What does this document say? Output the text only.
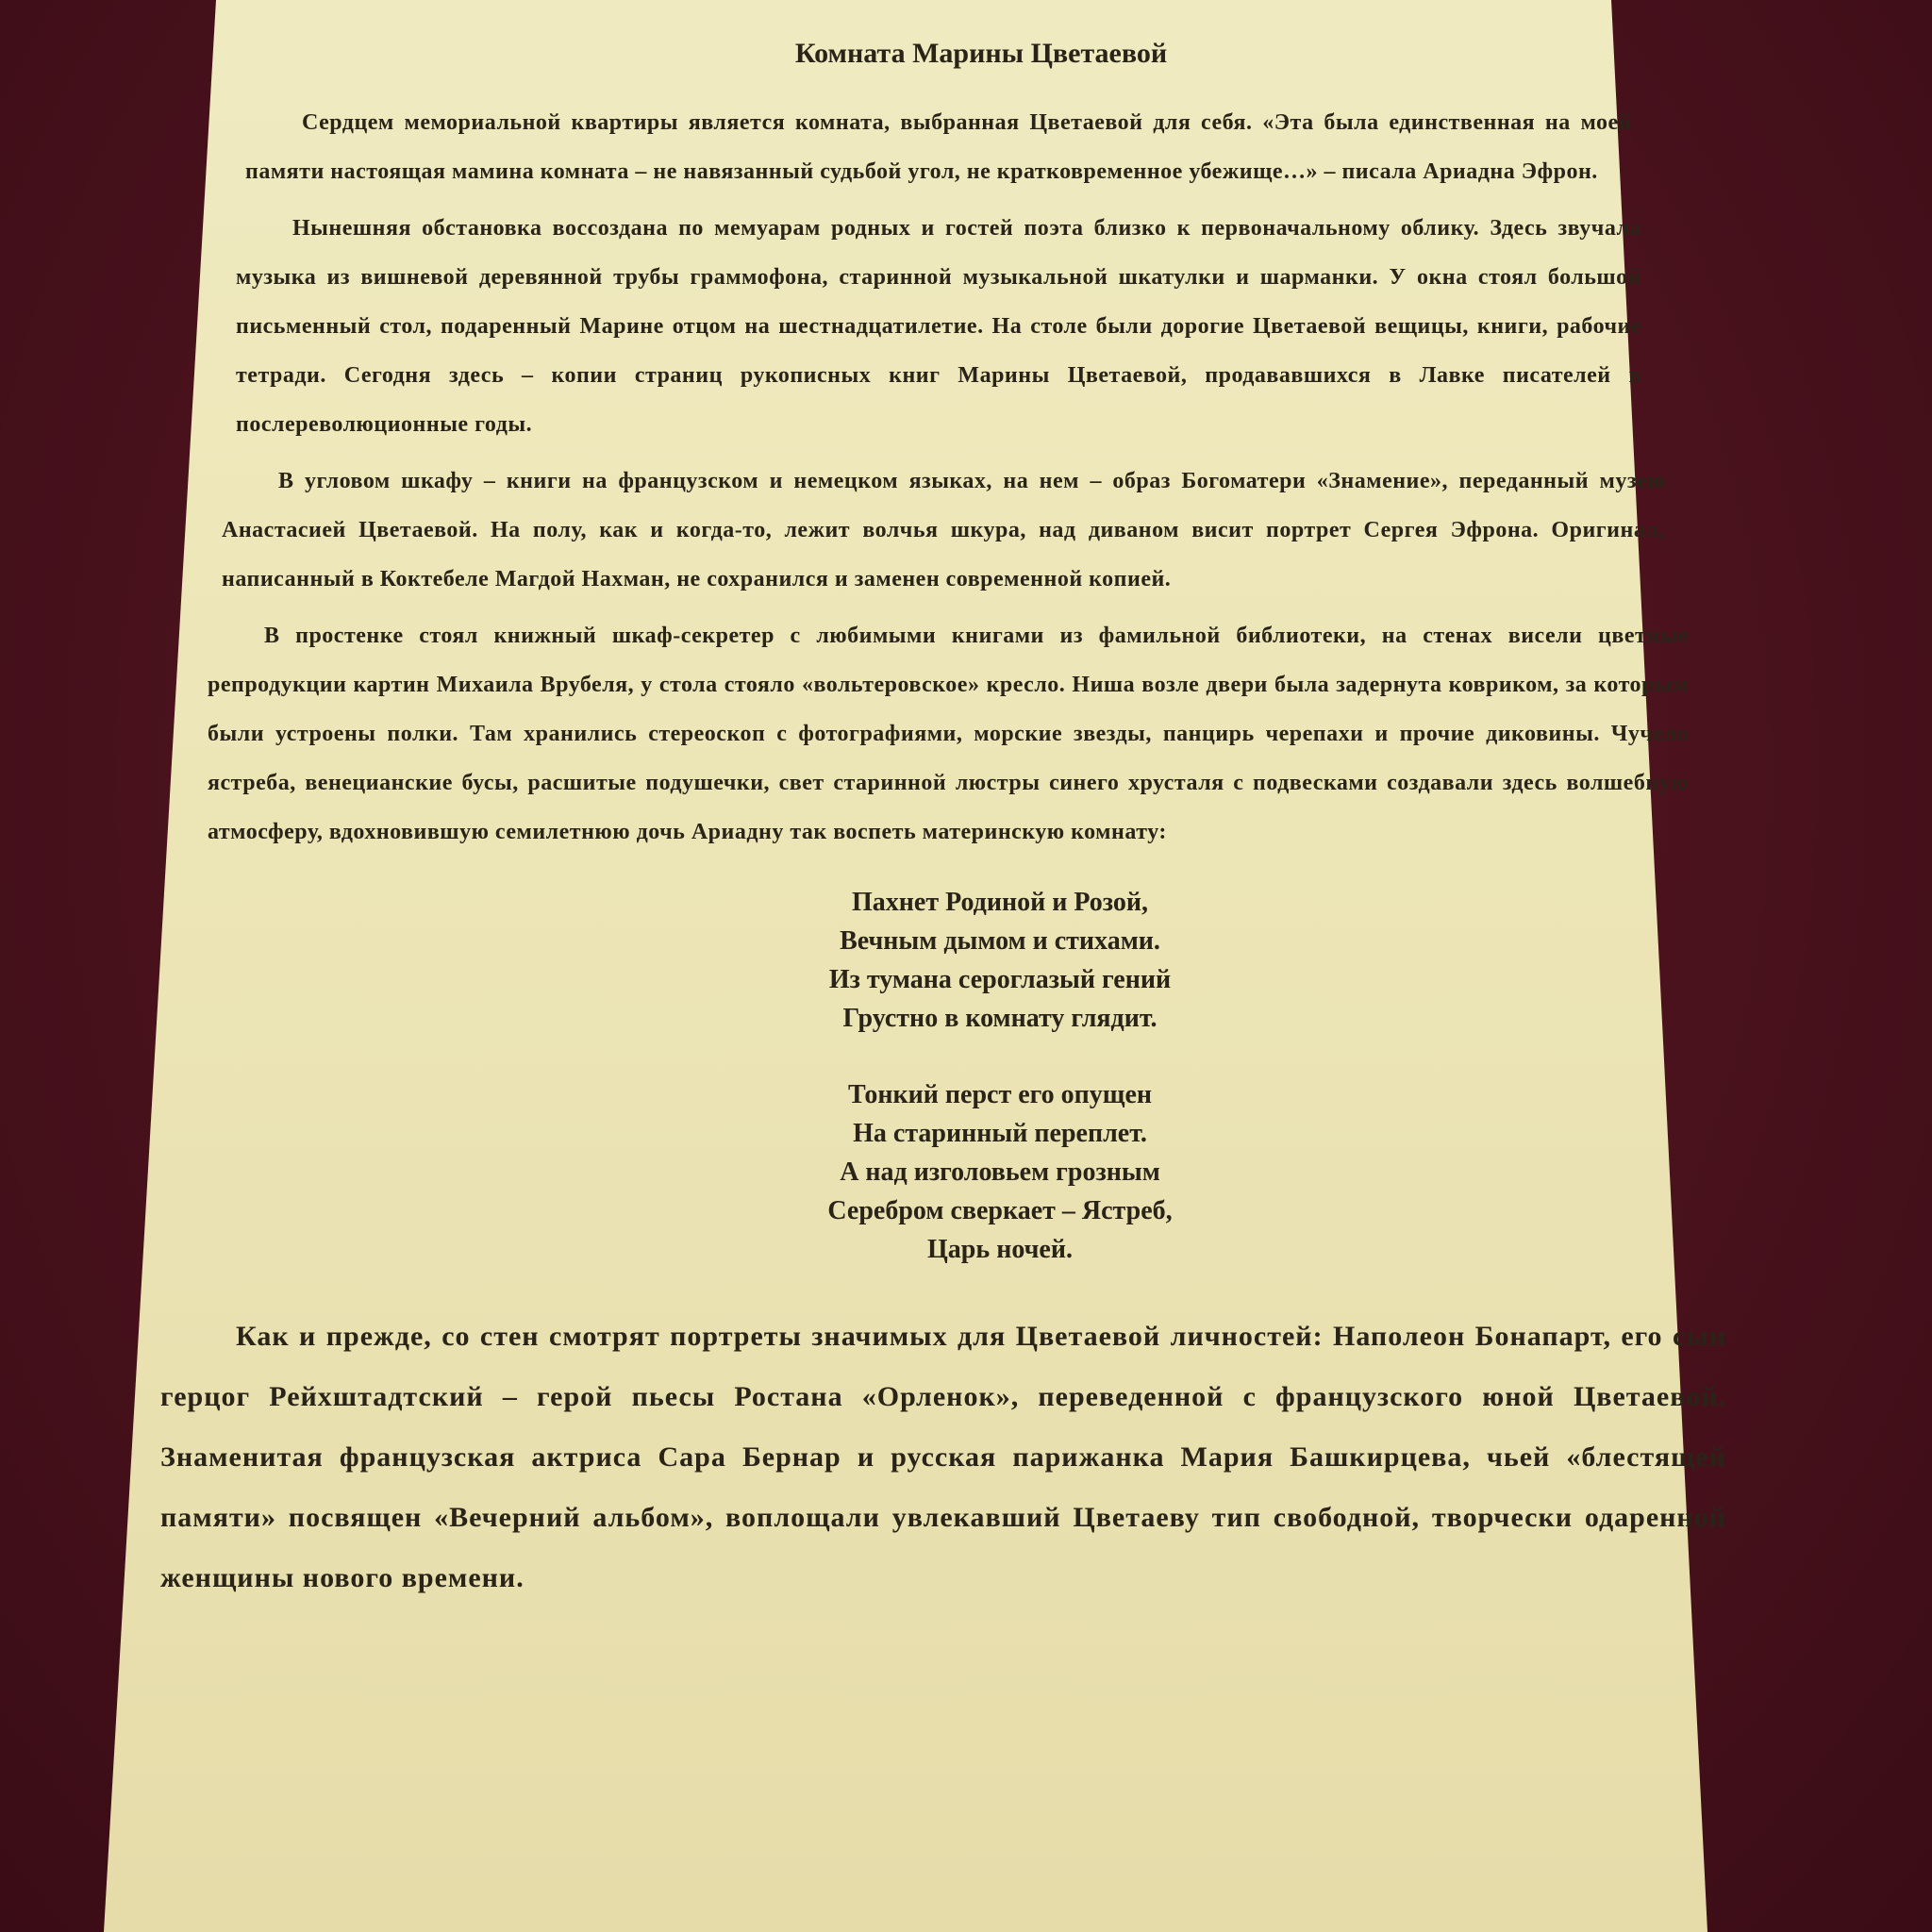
Комната Марины Цветаевой

Сердцем мемориальной квартиры является комната, выбранная Цветаевой для себя. «Эта была единственная на моей памяти настоящая мамина комната – не навязанный судьбой угол, не кратковременное убежище…» – писала Ариадна Эфрон.

Нынешняя обстановка воссоздана по мемуарам родных и гостей поэта близко к первоначальному облику. Здесь звучала музыка из вишневой деревянной трубы граммофона, старинной музыкальной шкатулки и шарманки. У окна стоял большой письменный стол, подаренный Марине отцом на шестнадцатилетие. На столе были дорогие Цветаевой вещицы, книги, рабочие тетради. Сегодня здесь – копии страниц рукописных книг Марины Цветаевой, продававшихся в Лавке писателей в послереволюционные годы.

В угловом шкафу – книги на французском и немецком языках, на нем – образ Богоматери «Знамение», переданный музею Анастасией Цветаевой. На полу, как и когда-то, лежит волчья шкура, над диваном висит портрет Сергея Эфрона. Оригинал, написанный в Коктебеле Магдой Нахман, не сохранился и заменен современной копией.

В простенке стоял книжный шкаф-секретер с любимыми книгами из фамильной библиотеки, на стенах висели цветные репродукции картин Михаила Врубеля, у стола стояло «вольтеровское» кресло. Ниша возле двери была задернута ковриком, за которым были устроены полки. Там хранились стереоскоп с фотографиями, морские звезды, панцирь черепахи и прочие диковины. Чучело ястреба, венецианские бусы, расшитые подушечки, свет старинной люстры синего хрусталя с подвесками создавали здесь волшебную атмосферу, вдохновившую семилетнюю дочь Ариадну так воспеть материнскую комнату:

Пахнет Родиной и Розой,
Вечным дымом и стихами.
Из тумана сероглазый гений
Грустно в комнату глядит.
Тонкий перст его опущен
На старинный переплет.
А над изголовьем грозным
Серебром сверкает – Ястреб,
Царь ночей.

Как и прежде, со стен смотрят портреты значимых для Цветаевой личностей: Наполеон Бонапарт, его сын герцог Рейхштадтский – герой пьесы Ростана «Орленок», переведенной с французского юной Цветаевой. Знаменитая французская актриса Сара Бернар и русская парижанка Мария Башкирцева, чьей «блестящей памяти» посвящен «Вечерний альбом», воплощали увлекавший Цветаеву тип свободной, творчески одаренной женщины нового времени.
